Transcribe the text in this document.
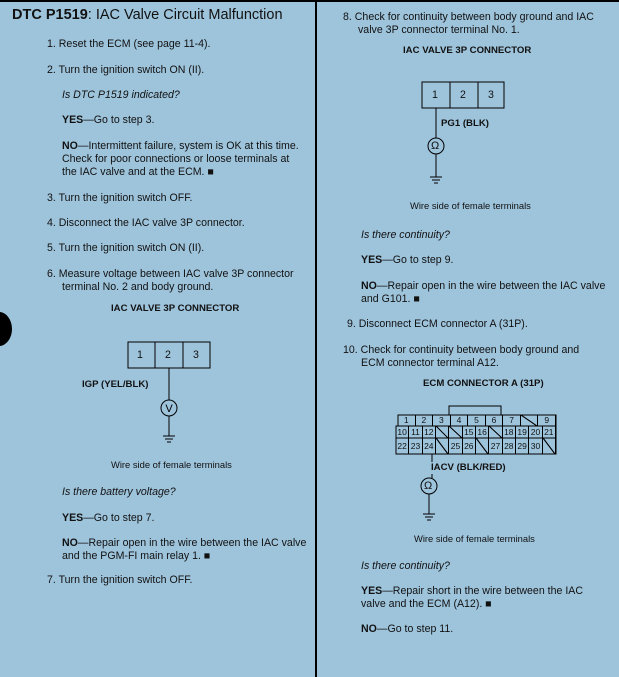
DTC P1519: IAC Valve Circuit Malfunction
1. Reset the ECM (see page 11-4).
2. Turn the ignition switch ON (II).
Is DTC P1519 indicated?
YES—Go to step 3.
NO—Intermittent failure, system is OK at this time.
Check for poor connections or loose terminals at
the IAC valve and at the ECM. ■
3. Turn the ignition switch OFF.
4. Disconnect the IAC valve 3P connector.
5. Turn the ignition switch ON (II).
6. Measure voltage between IAC valve 3P connector
terminal No. 2 and body ground.
IAC VALVE 3P CONNECTOR
V
1 2 3
IGP (YEL/BLK)
Wire side of female terminals
Is there battery voltage?
YES—Go to step 7.
NO—Repair open in the wire between the IAC valve
and the PGM-FI main relay 1. ■
7. Turn the ignition switch OFF.
8. Check for continuity between body ground and IAC
valve 3P connector terminal No. 1.
IAC VALVE 3P CONNECTOR
1 2 3
PG1 (BLK)
Ω
Wire side of female terminals
Is there continuity?
YES—Go to step 9.
NO—Repair open in the wire between the IAC valve
and G101. ■
9. Disconnect ECM connector A (31P).
10. Check for continuity between body ground and
ECM connector terminal A12.
ECM CONNECTOR A (31P)
1	2	3	4	5	6	7	9
10 11 12	15 16 18 19 20 21
22 23 24 25 26 27 28 29 30
IACV (BLK/RED)
Ω
Wire side of female terminals
Is there continuity?
YES—Repair short in the wire between the IAC
valve and the ECM (A12). ■
NO—Go to step 11.
